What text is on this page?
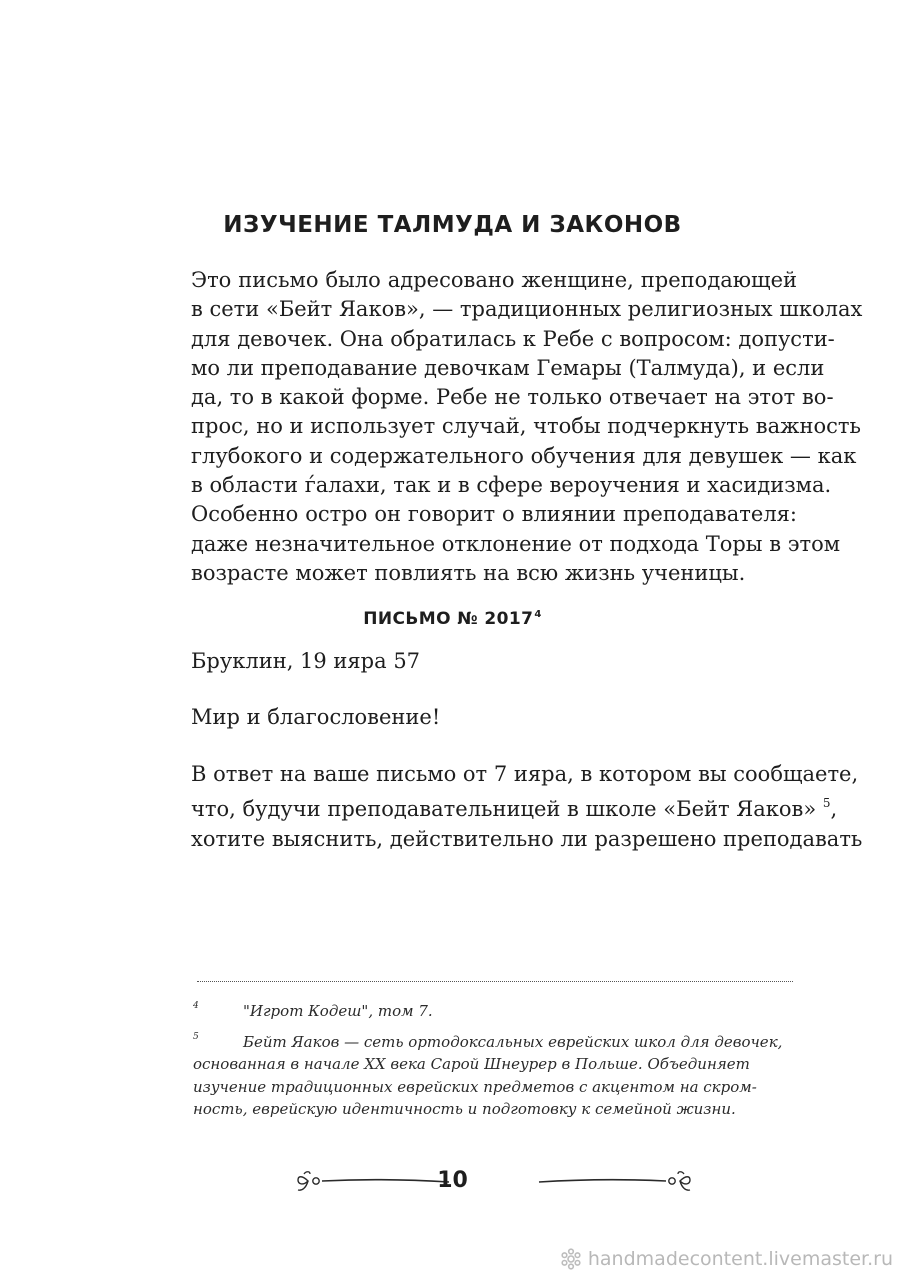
ИЗУЧЕНИЕ ТАЛМУДА И ЗАКОНОВ
Это письмо было адресовано женщине, преподающей
в сети «Бейт Яаков», — традиционных религиозных школах
для девочек. Она обратилась к Ребе с вопросом: допусти-
мо ли преподавание девочкам Гемары (Талмуда), и если
да, то в какой форме. Ребе не только отвечает на этот во-
прос, но и использует случай, чтобы подчеркнуть важность
глубокого и содержательного обучения для девушек — как
в области ѓалахи, так и в сфере вероучения и хасидизма.
Особенно остро он говорит о влиянии преподавателя:
даже незначительное отклонение от подхода Торы в этом
возрасте может повлиять на всю жизнь ученицы.
ПИСЬМО № 2017$^4$

Бруклин, 19 ияра 57

Мир и благословение!

В ответ на ваше письмо от 7 ияра, в котором вы сообщаете,
что, будучи преподавательницей в школе «Бейт Яаков» $^5$,
хотите выяснить, действительно ли разрешено преподавать
4	"Игрот Кодеш", том 7.
5	Бейт Яаков — сеть ортодоксальных еврейских школ для девочек,
основанная в начале XX века Сарой Шнеурер в Польше. Объединяет
изучение традиционных еврейских предметов с акцентом на скром-
ность, еврейскую идентичность и подготовку к семейной жизни.

10

handmadecontent.livemaster.ru
